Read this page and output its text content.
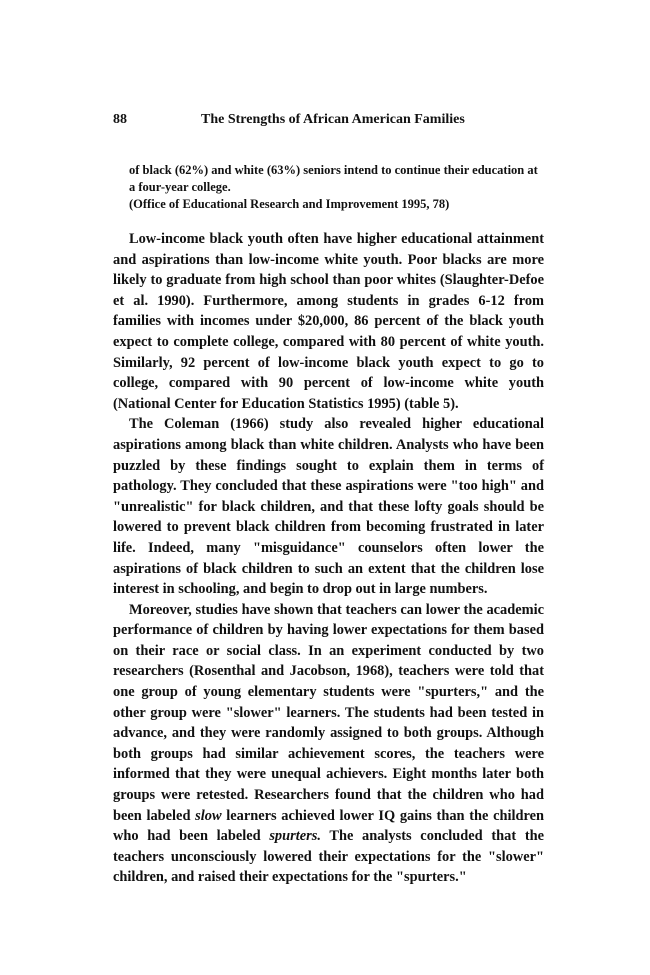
88	The Strengths of African American Families

of black (62%) and white (63%) seniors intend to continue their education at a four-year college.

(Office of Educational Research and Improvement 1995, 78)

Low-income black youth often have higher educational attainment and aspirations than low-income white youth. Poor blacks are more likely to graduate from high school than poor whites (Slaughter-Defoe et al. 1990). Furthermore, among students in grades 6-12 from families with incomes under $20,000, 86 percent of the black youth expect to complete college, compared with 80 percent of white youth. Similarly, 92 percent of low-income black youth expect to go to college, compared with 90 percent of low-income white youth (National Center for Education Statistics 1995) (table 5).

The Coleman (1966) study also revealed higher educational aspirations among black than white children. Analysts who have been puzzled by these findings sought to explain them in terms of pathology. They concluded that these aspirations were "too high" and "unrealistic" for black children, and that these lofty goals should be lowered to prevent black children from becoming frustrated in later life. Indeed, many "misguidance" counselors often lower the aspirations of black children to such an extent that the children lose interest in schooling, and begin to drop out in large numbers.

Moreover, studies have shown that teachers can lower the academic performance of children by having lower expectations for them based on their race or social class. In an experiment conducted by two researchers (Rosenthal and Jacobson, 1968), teachers were told that one group of young elementary students were "spurters," and the other group were "slower" learners. The students had been tested in advance, and they were randomly assigned to both groups. Although both groups had similar achievement scores, the teachers were informed that they were unequal achievers. Eight months later both groups were retested. Researchers found that the children who had been labeled slow learners achieved lower IQ gains than the children who had been labeled spurters. The analysts concluded that the teachers unconsciously lowered their expectations for the "slower" children, and raised their expectations for the "spurters."
